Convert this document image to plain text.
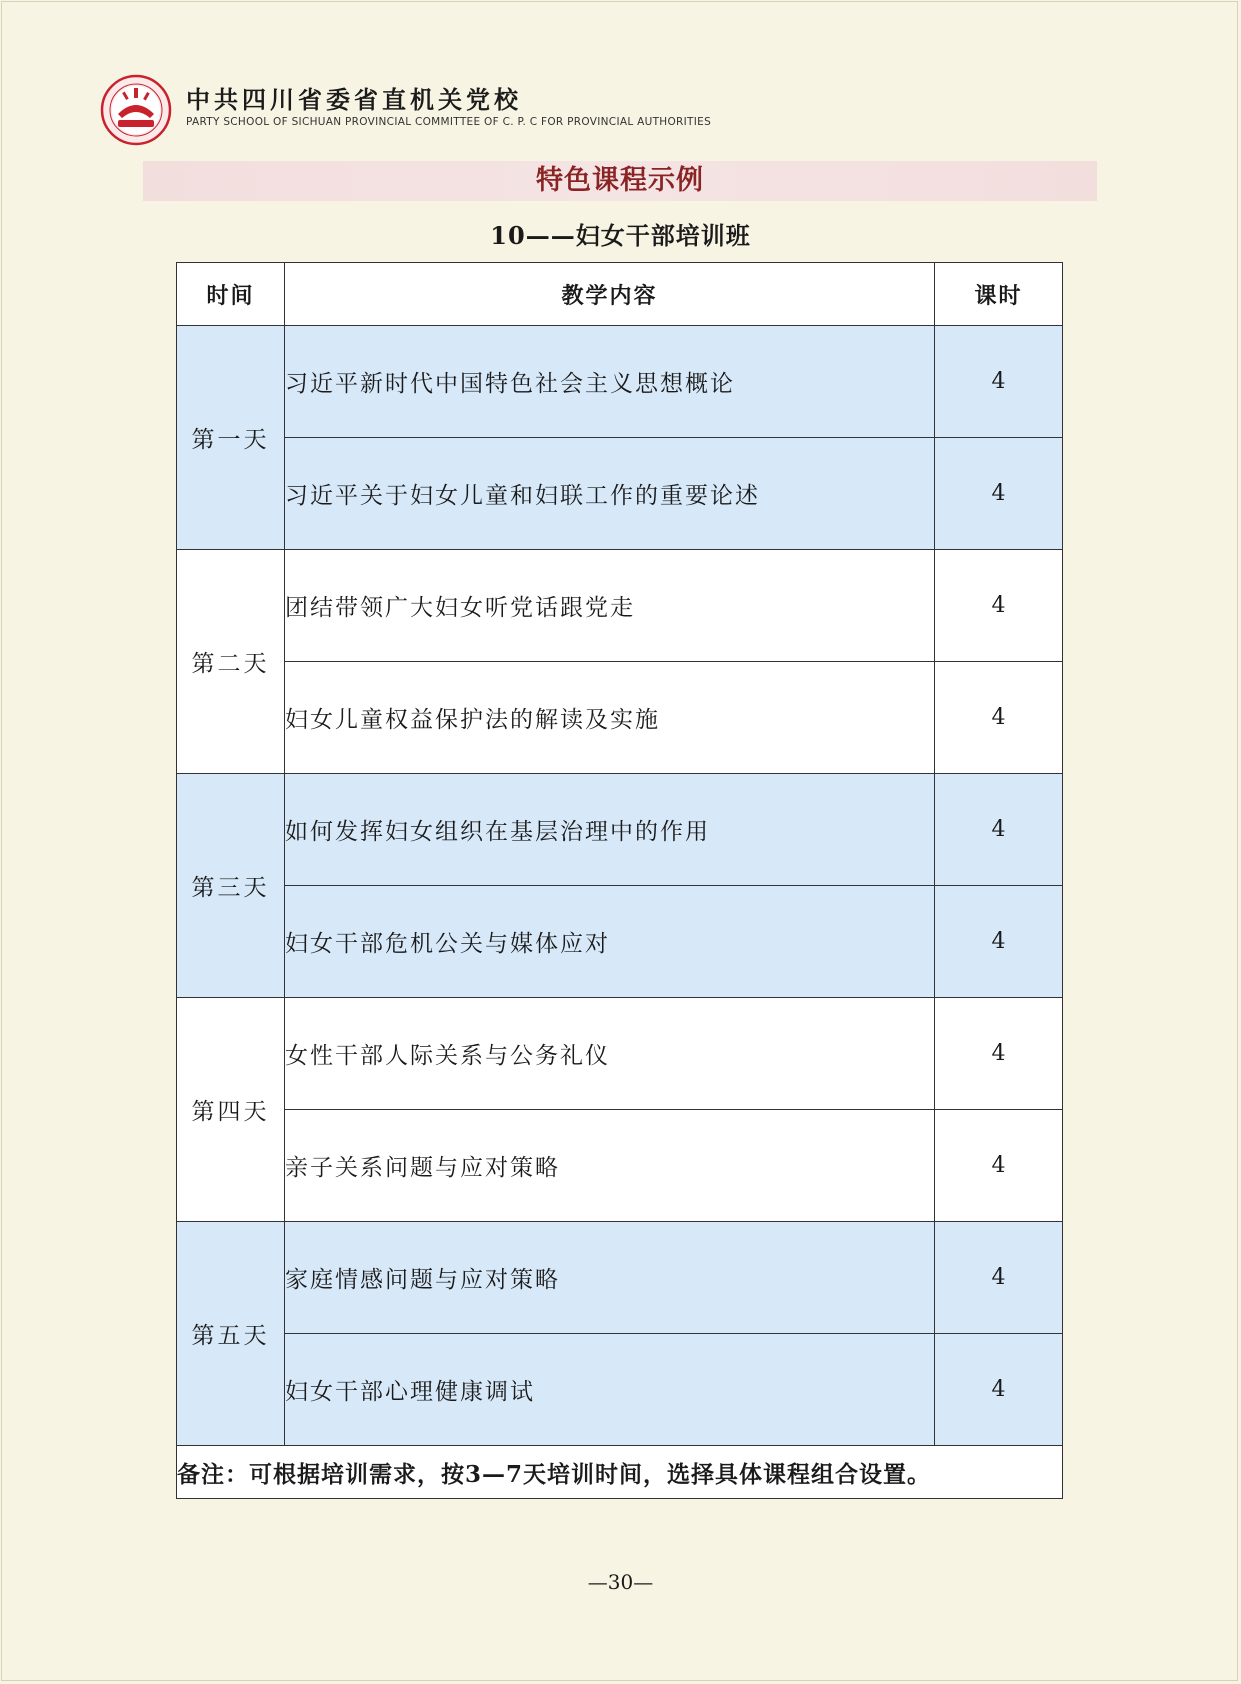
中共四川省委省直机关党校
PARTY SCHOOL OF SICHUAN PROVINCIAL COMMITTEE OF C. P. C FOR PROVINCIAL AUTHORITIES
特色课程示例
10——妇女干部培训班
时间	教学内容	课时
第一天	习近平新时代中国特色社会主义思想概论	4
	习近平关于妇女儿童和妇联工作的重要论述	4
第二天	团结带领广大妇女听党话跟党走	4
	妇女儿童权益保护法的解读及实施	4
第三天	如何发挥妇女组织在基层治理中的作用	4
	妇女干部危机公关与媒体应对	4
第四天	女性干部人际关系与公务礼仪	4
	亲子关系问题与应对策略	4
第五天	家庭情感问题与应对策略	4
	妇女干部心理健康调试	4
备注：可根据培训需求，按3—7天培训时间，选择具体课程组合设置。		
—30—
